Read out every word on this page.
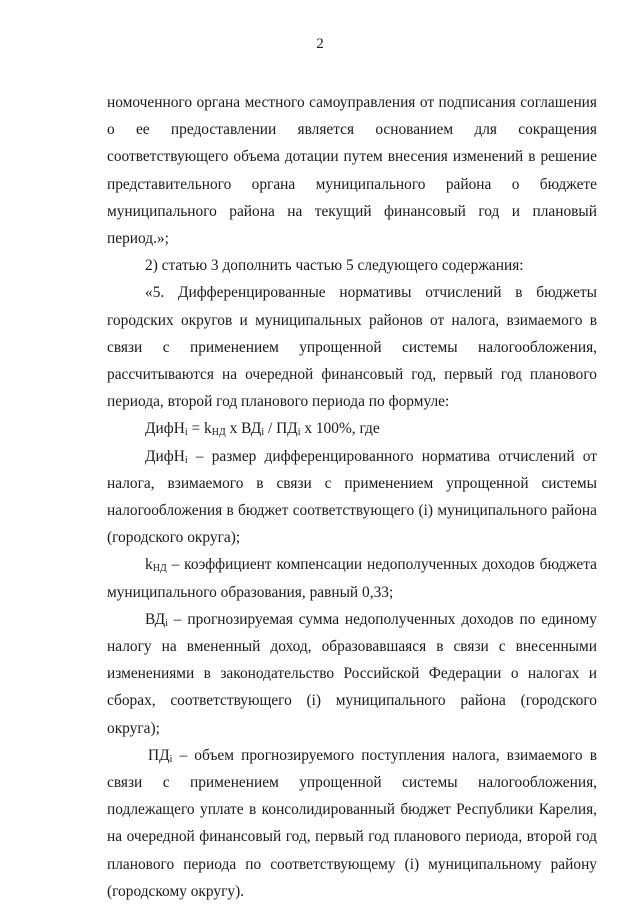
2

номоченного органа местного самоуправления от подписания соглашения о ее предоставлении является основанием для сокращения соответствующего объема дотации путем внесения изменений в решение представительного органа муниципального района о бюджете муниципального района на текущий финансовый год и плановый период.»;

2) статью 3 дополнить частью 5 следующего содержания:

«5. Дифференцированные нормативы отчислений в бюджеты городских округов и муниципальных районов от налога, взимаемого в связи с применением упрощенной системы налогообложения, рассчитываются на очередной финансовый год, первый год планового периода, второй год планового периода по формуле:

ДифН$_i$ = $k_{НД}$ х $ВД_i / ПД_i$ х 100%, где

ДифН$_i$ – размер дифференцированного норматива отчислений от налога, взимаемого в связи с применением упрощенной системы налогообложения в бюджет соответствующего (i) муниципального района (городского округа);

$k_{НД}$ – коэффициент компенсации недополученных доходов бюджета муниципального образования, равный 0,33;

$ВД_i$ – прогнозируемая сумма недополученных доходов по единому налогу на вмененный доход, образовавшаяся в связи с внесенными изменениями в законодательство Российской Федерации о налогах и сборах, соответствующего (i) муниципального района (городского округа);

$ПД_i$ – объем прогнозируемого поступления налога, взимаемого в связи с применением упрощенной системы налогообложения, подлежащего уплате в консолидированный бюджет Республики Карелия, на очередной финансовый год, первый год планового периода, второй год планового периода по соответствующему (i) муниципальному району (городскому округу).
